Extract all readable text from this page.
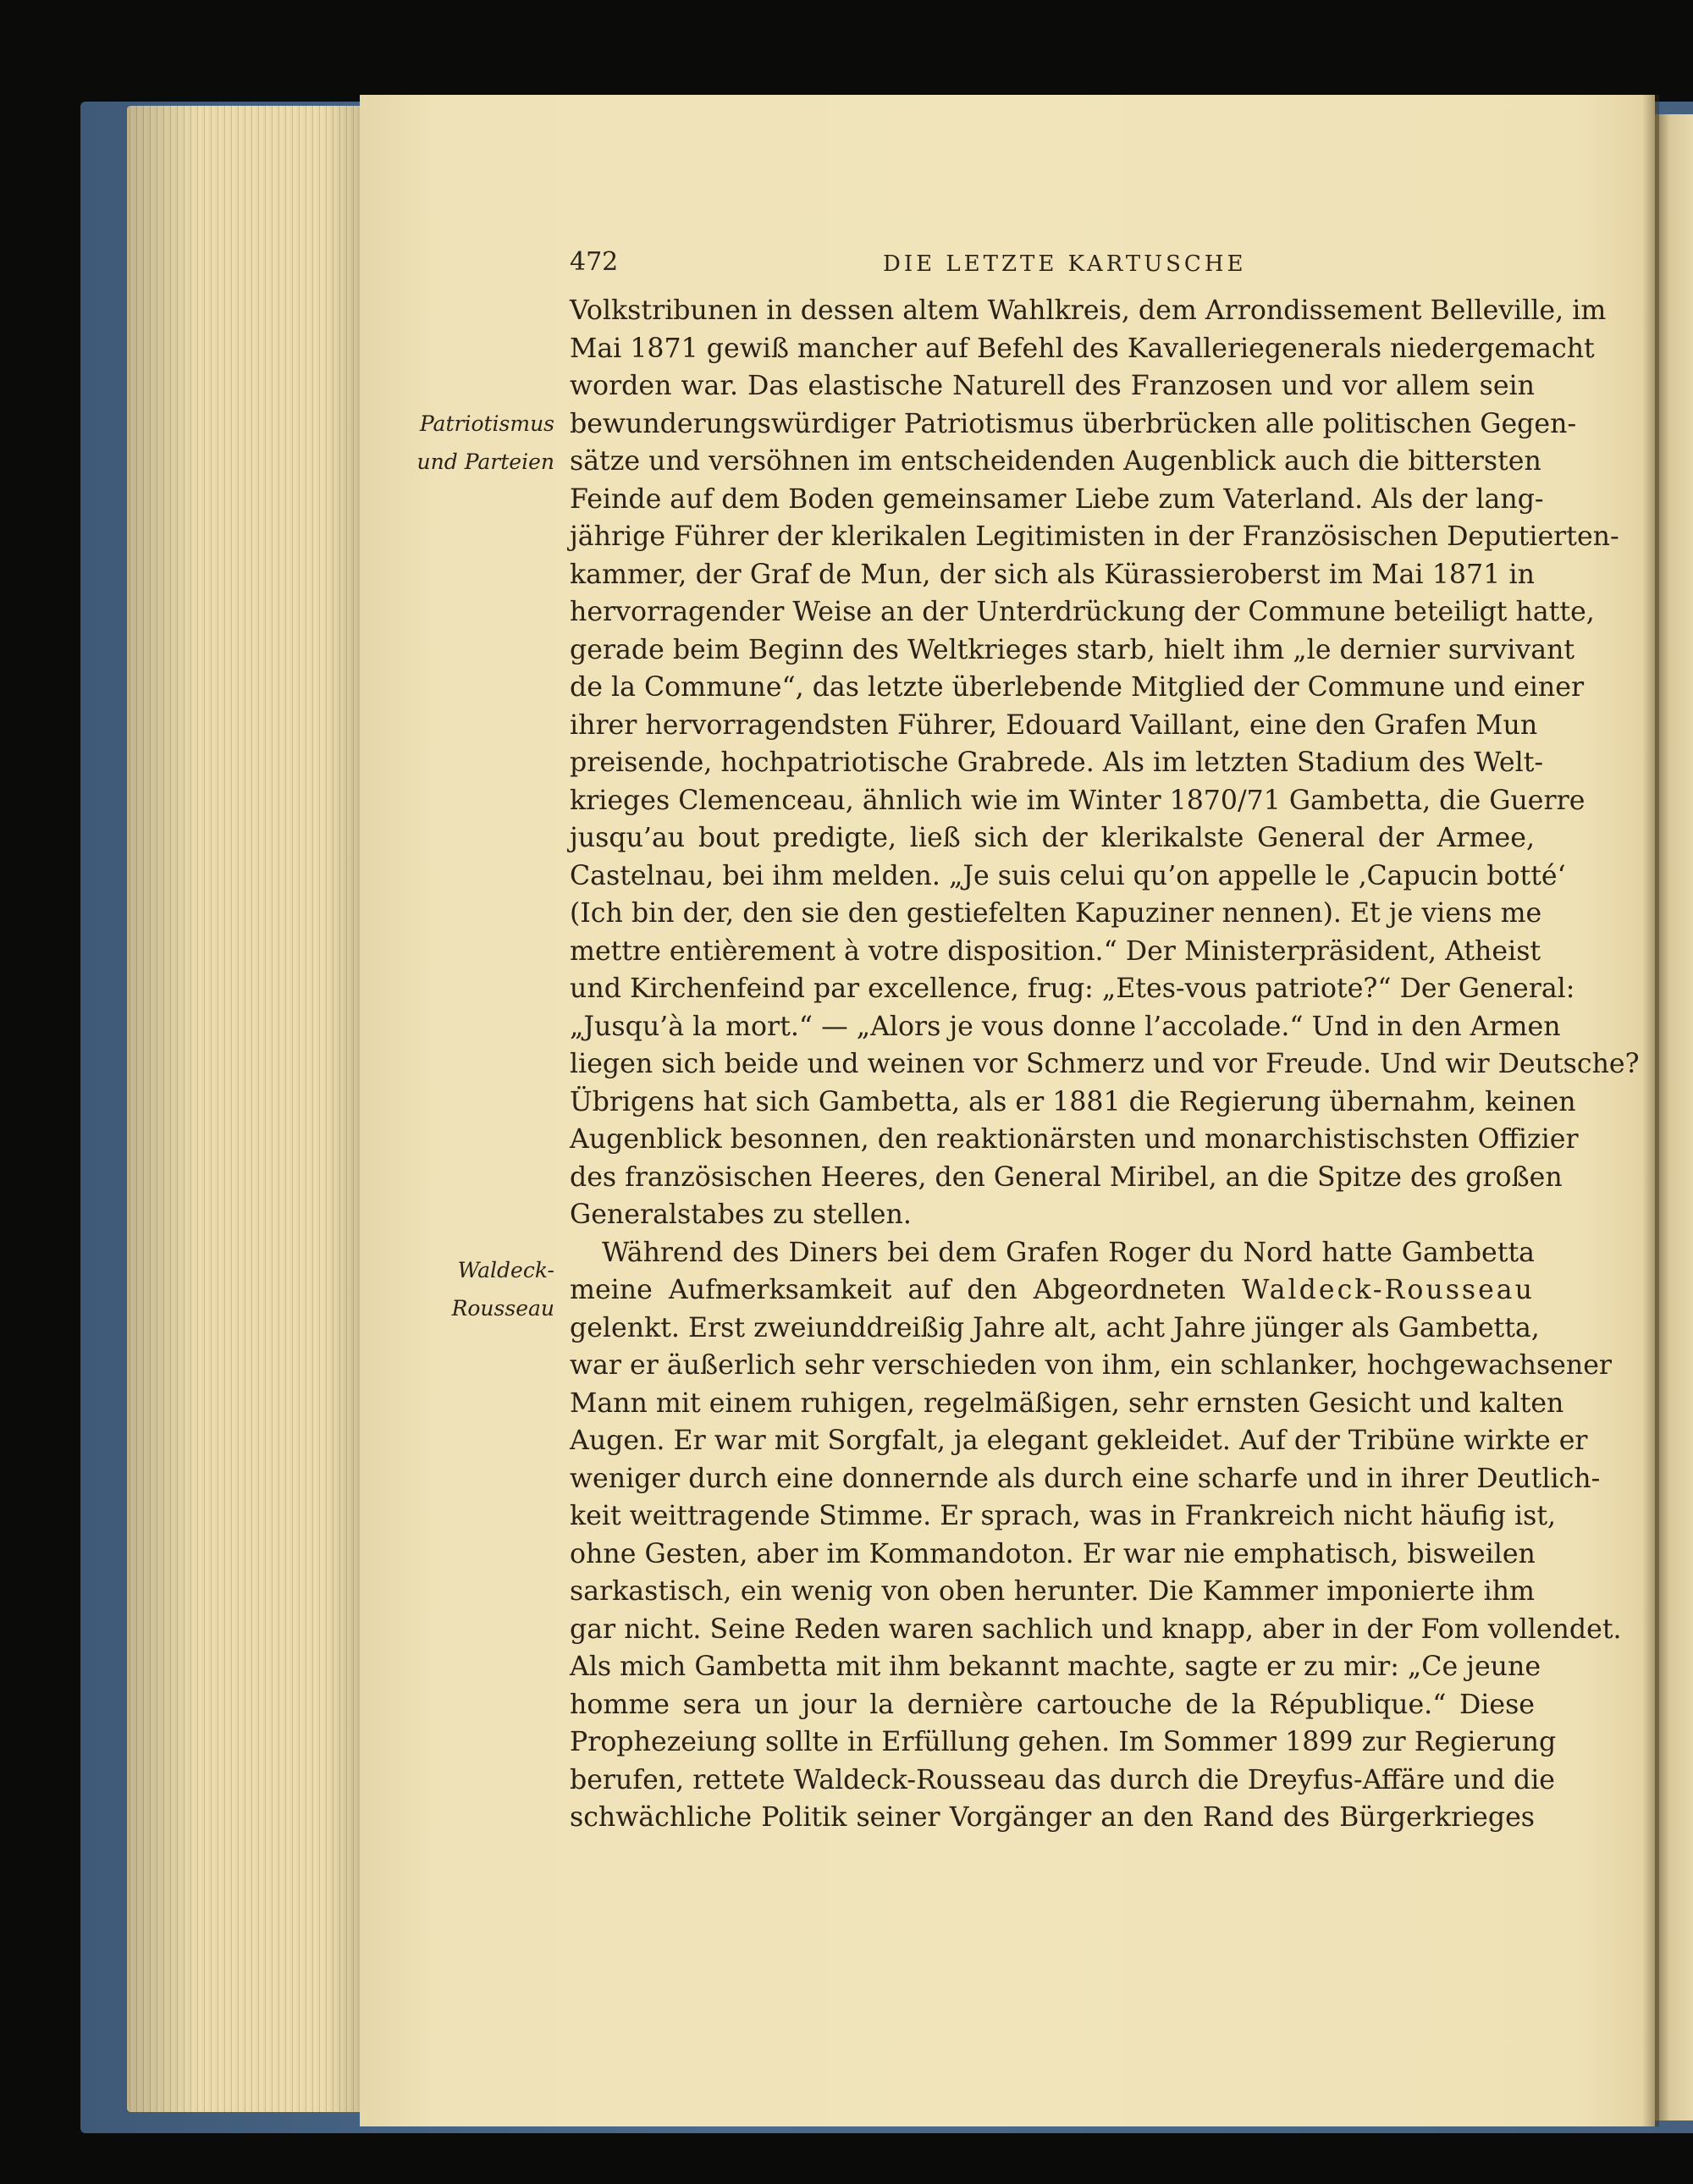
472	DIE LETZTE KARTUSCHE
Patriotismus
und Parteien
Waldeck-
Rousseau
Volkstribunen in dessen altem Wahlkreis, dem Arrondissement Belleville, im
Mai 1871 gewiß mancher auf Befehl des Kavalleriegenerals niedergemacht
worden war. Das elastische Naturell des Franzosen und vor allem sein
bewunderungswürdiger Patriotismus überbrücken alle politischen Gegen-
sätze und versöhnen im entscheidenden Augenblick auch die bittersten
Feinde auf dem Boden gemeinsamer Liebe zum Vaterland. Als der lang-
jährige Führer der klerikalen Legitimisten in der Französischen Deputierten-
kammer, der Graf de Mun, der sich als Kürassieroberst im Mai 1871 in
hervorragender Weise an der Unterdrückung der Commune beteiligt hatte,
gerade beim Beginn des Weltkrieges starb, hielt ihm „le dernier survivant
de la Commune“, das letzte überlebende Mitglied der Commune und einer
ihrer hervorragendsten Führer, Edouard Vaillant, eine den Grafen Mun
preisende, hochpatriotische Grabrede. Als im letzten Stadium des Welt-
krieges Clemenceau, ähnlich wie im Winter 1870/71 Gambetta, die Guerre
jusqu’au bout predigte, ließ sich der klerikalste General der Armee,
Castelnau, bei ihm melden. „Je suis celui qu’on appelle le ‚Capucin botté‘
(Ich bin der, den sie den gestiefelten Kapuziner nennen). Et je viens me
mettre entièrement à votre disposition.“ Der Ministerpräsident, Atheist
und Kirchenfeind par excellence, frug: „Etes-vous patriote?“ Der General:
„Jusqu’à la mort.“ — „Alors je vous donne l’accolade.“ Und in den Armen
liegen sich beide und weinen vor Schmerz und vor Freude. Und wir Deutsche?
Übrigens hat sich Gambetta, als er 1881 die Regierung übernahm, keinen
Augenblick besonnen, den reaktionärsten und monarchistischsten Offizier
des französischen Heeres, den General Miribel, an die Spitze des großen
Generalstabes zu stellen.
Während des Diners bei dem Grafen Roger du Nord hatte Gambetta
meine Aufmerksamkeit auf den Abgeordneten Waldeck-Rousseau
gelenkt. Erst zweiunddreißig Jahre alt, acht Jahre jünger als Gambetta,
war er äußerlich sehr verschieden von ihm, ein schlanker, hochgewachsener
Mann mit einem ruhigen, regelmäßigen, sehr ernsten Gesicht und kalten
Augen. Er war mit Sorgfalt, ja elegant gekleidet. Auf der Tribüne wirkte er
weniger durch eine donnernde als durch eine scharfe und in ihrer Deutlich-
keit weittragende Stimme. Er sprach, was in Frankreich nicht häufig ist,
ohne Gesten, aber im Kommandoton. Er war nie emphatisch, bisweilen
sarkastisch, ein wenig von oben herunter. Die Kammer imponierte ihm
gar nicht. Seine Reden waren sachlich und knapp, aber in der Fom vollendet.
Als mich Gambetta mit ihm bekannt machte, sagte er zu mir: „Ce jeune
homme sera un jour la dernière cartouche de la République.“ Diese
Prophezeiung sollte in Erfüllung gehen. Im Sommer 1899 zur Regierung
berufen, rettete Waldeck-Rousseau das durch die Dreyfus-Affäre und die
schwächliche Politik seiner Vorgänger an den Rand des Bürgerkrieges
